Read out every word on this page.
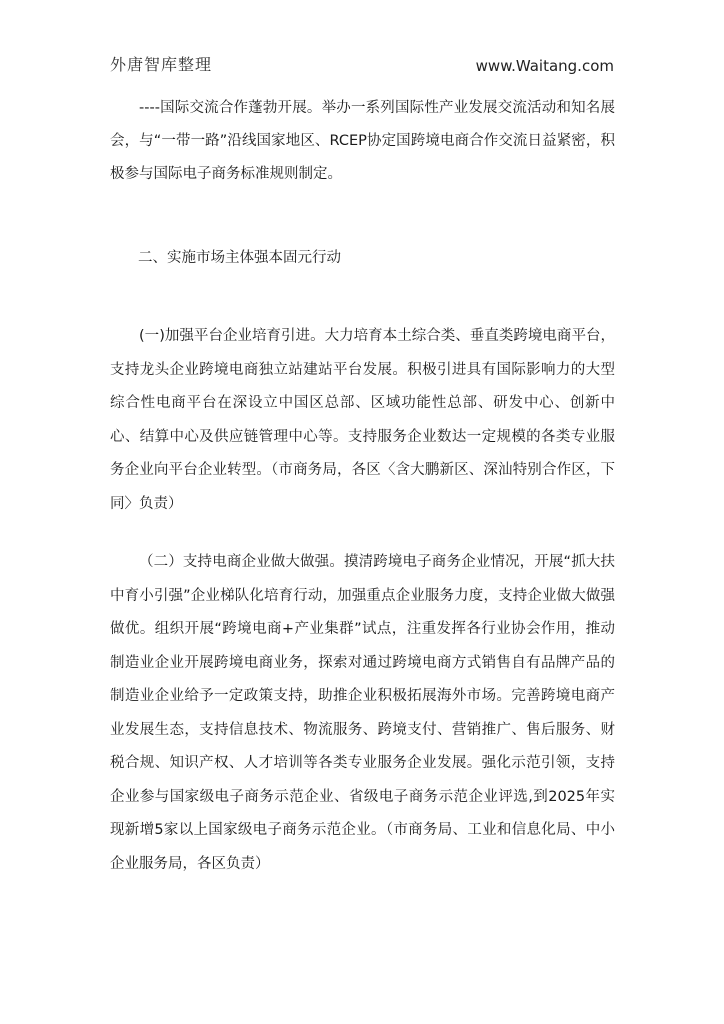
外唐智库整理	www.Waitang.com

----国际交流合作蓬勃开展。举办一系列国际性产业发展交流活动和知名展会，与“一带一路”沿线国家地区、RCEP协定国跨境电商合作交流日益紧密，积极参与国际电子商务标准规则制定。

二、实施市场主体强本固元行动

(一)加强平台企业培育引进。大力培育本土综合类、垂直类跨境电商平台，支持龙头企业跨境电商独立站建站平台发展。积极引进具有国际影响力的大型综合性电商平台在深设立中国区总部、区域功能性总部、研发中心、创新中心、结算中心及供应链管理中心等。支持服务企业数达一定规模的各类专业服务企业向平台企业转型。（市商务局，各区〈含大鹏新区、深汕特别合作区，下同〉负责）

（二）支持电商企业做大做强。摸清跨境电子商务企业情况，开展“抓大扶中育小引强”企业梯队化培育行动，加强重点企业服务力度，支持企业做大做强做优。组织开展“跨境电商+产业集群”试点，注重发挥各行业协会作用，推动制造业企业开展跨境电商业务，探索对通过跨境电商方式销售自有品牌产品的制造业企业给予一定政策支持，助推企业积极拓展海外市场。完善跨境电商产业发展生态，支持信息技术、物流服务、跨境支付、营销推广、售后服务、财税合规、知识产权、人才培训等各类专业服务企业发展。强化示范引领，支持企业参与国家级电子商务示范企业、省级电子商务示范企业评选,到2025年实现新增5家以上国家级电子商务示范企业。（市商务局、工业和信息化局、中小企业服务局，各区负责）
